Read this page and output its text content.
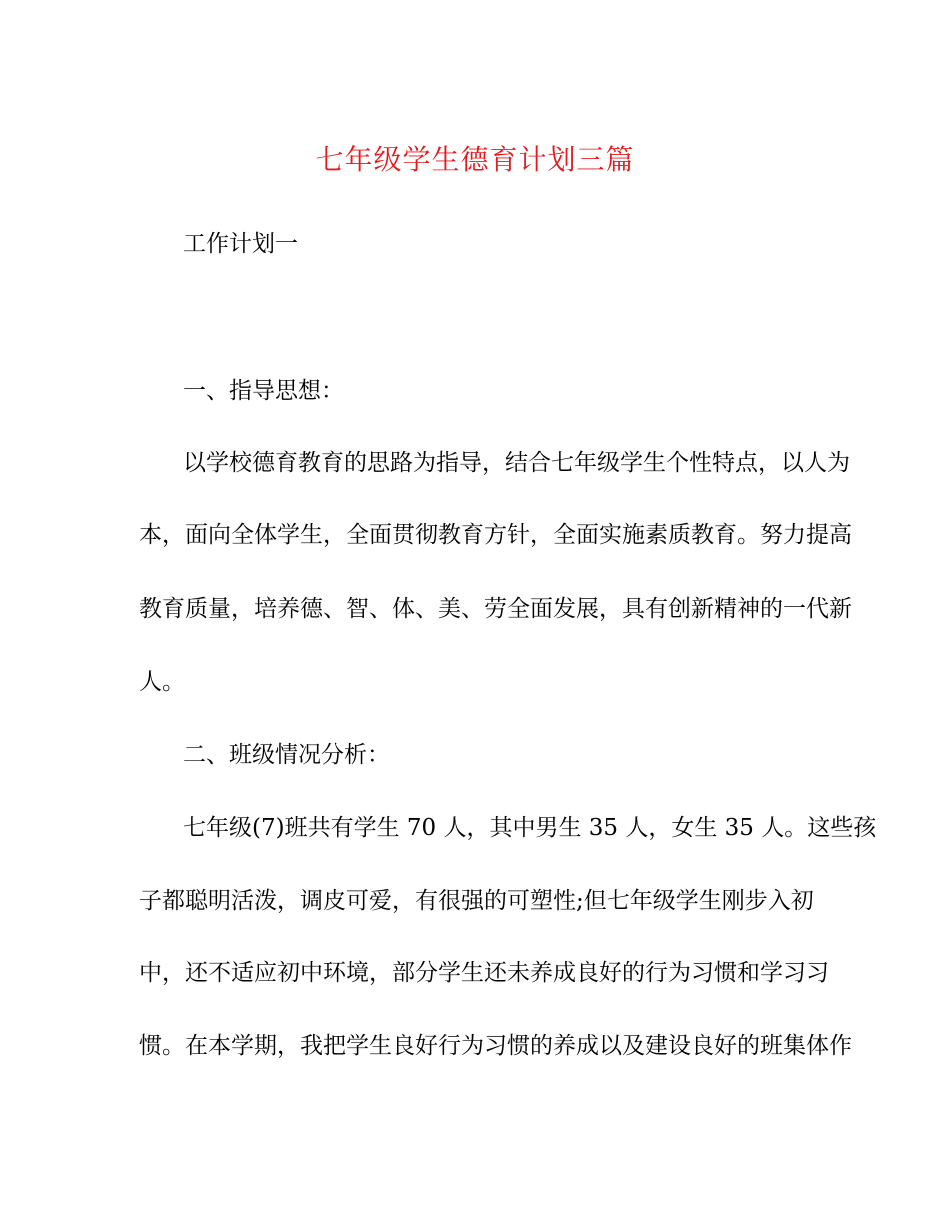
七年级学生德育计划三篇
工作计划一
一、指导思想：
以学校德育教育的思路为指导，结合七年级学生个性特点，以人为
本，面向全体学生，全面贯彻教育方针，全面实施素质教育。努力提高
教育质量，培养德、智、体、美、劳全面发展，具有创新精神的一代新
人。
二、班级情况分析：
七年级(7)班共有学生 70 人，其中男生 35 人，女生 35 人。这些孩
子都聪明活泼，调皮可爱，有很强的可塑性;但七年级学生刚步入初
中，还不适应初中环境，部分学生还未养成良好的行为习惯和学习习
惯。在本学期，我把学生良好行为习惯的养成以及建设良好的班集体作
